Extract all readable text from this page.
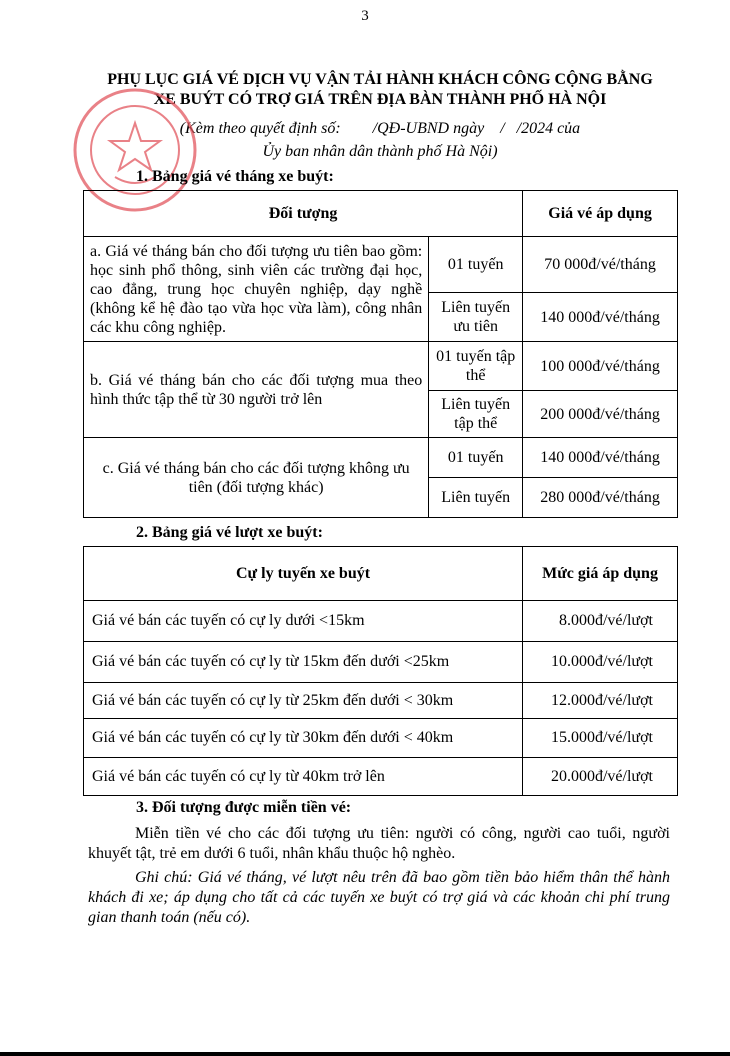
3
PHỤ LỤC GIÁ VÉ DỊCH VỤ VẬN TẢI HÀNH KHÁCH CÔNG CỘNG BẰNG
XE BUÝT CÓ TRỢ GIÁ TRÊN ĐỊA BÀN THÀNH PHỐ HÀ NỘI
(Kèm theo quyết định số:        /QĐ-UBND ngày    /   /2024 của
Ủy ban nhân dân thành phố Hà Nội)
1. Bảng giá vé tháng xe buýt:
Đối tượng		Giá vé áp dụng
a. Giá vé tháng bán cho đối tượng ưu tiên bao gồm: học sinh phổ thông, sinh viên các trường đại học, cao đẳng, trung học chuyên nghiệp, dạy nghề (không kể hệ đào tạo vừa học vừa làm), công nhân các khu công nghiệp.	01 tuyến	70 000đ/vé/tháng
	Liên tuyến ưu tiên	140 000đ/vé/tháng
b. Giá vé tháng bán cho các đối tượng mua theo hình thức tập thể từ 30 người trở lên	01 tuyến tập thể	100 000đ/vé/tháng
	Liên tuyến tập thể	200 000đ/vé/tháng
c. Giá vé tháng bán cho các đối tượng không ưu tiên (đối tượng khác)	01 tuyến	140 000đ/vé/tháng
	Liên tuyến	280 000đ/vé/tháng
2. Bảng giá vé lượt xe buýt:
Cự ly tuyến xe buýt	Mức giá áp dụng
Giá vé bán các tuyến có cự ly dưới <15km	8.000đ/vé/lượt
Giá vé bán các tuyến có cự ly từ 15km đến dưới <25km	10.000đ/vé/lượt
Giá vé bán các tuyến có cự ly từ 25km đến dưới < 30km	12.000đ/vé/lượt
Giá vé bán các tuyến có cự ly từ 30km đến dưới < 40km	15.000đ/vé/lượt
Giá vé bán các tuyến có cự ly từ 40km trở lên	20.000đ/vé/lượt
3. Đối tượng được miễn tiền vé:
Miễn tiền vé cho các đối tượng ưu tiên: người có công, người cao tuổi, người khuyết tật, trẻ em dưới 6 tuổi, nhân khẩu thuộc hộ nghèo.
Ghi chú: Giá vé tháng, vé lượt nêu trên đã bao gồm tiền bảo hiểm thân thể hành khách đi xe; áp dụng cho tất cả các tuyến xe buýt có trợ giá và các khoản chi phí trung gian thanh toán (nếu có).
